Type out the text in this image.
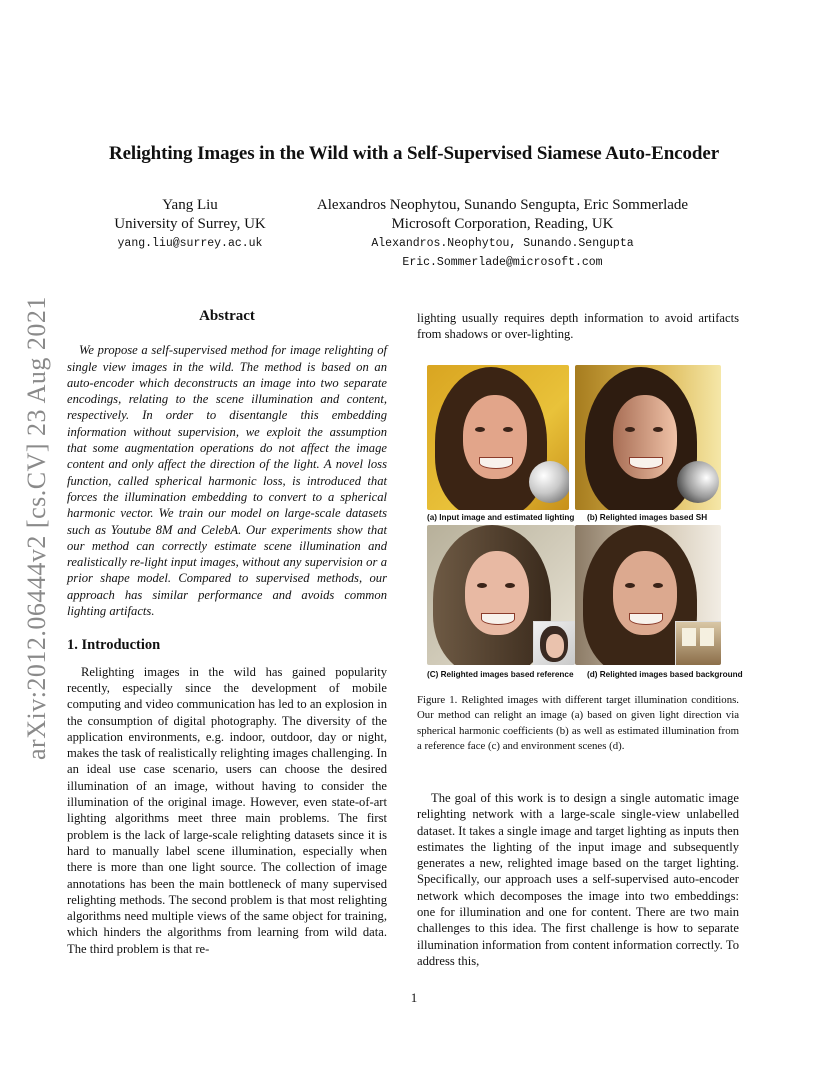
Relighting Images in the Wild with a Self-Supervised Siamese Auto-Encoder
Yang Liu
University of Surrey, UK
yang.liu@surrey.ac.uk
Alexandros Neophytou, Sunando Sengupta, Eric Sommerlade
Microsoft Corporation, Reading, UK
Alexandros.Neophytou, Sunando.Sengupta
Eric.Sommerlade@microsoft.com
arXiv:2012.06444v2 [cs.CV] 23 Aug 2021	Abstract

We propose a self-supervised method for image relighting of single view images in the wild. The method is based on an auto-encoder which deconstructs an image into two separate encodings, relating to the scene illumination and content, respectively. In order to disentangle this embedding information without supervision, we exploit the assumption that some augmentation operations do not affect the image content and only affect the direction of the light. A novel loss function, called spherical harmonic loss, is introduced that forces the illumination embedding to convert to a spherical harmonic vector. We train our model on large-scale datasets such as Youtube 8M and CelebA. Our experiments show that our method can correctly estimate scene illumination and realistically re-light input images, without any supervision or a prior shape model. Compared to supervised methods, our approach has similar performance and avoids common lighting artifacts.

1. Introduction

Relighting images in the wild has gained popularity recently, especially since the development of mobile computing and video communication has led to an explosion in the consumption of digital photography. The diversity of the application environments, e.g. indoor, outdoor, day or night, makes the task of realistically relighting images challenging. In an ideal use case scenario, users can choose the desired illumination of an image, without having to consider the illumination of the original image. However, even state-of-art lighting algorithms meet three main problems. The first problem is the lack of large-scale relighting datasets since it is hard to manually label scene illumination, especially when there is more than one light source. The collection of image annotations has been the main bottleneck of many supervised relighting methods. The second problem is that most relighting algorithms need multiple views of the same object for training, which hinders the algorithms from learning from wild data. The third problem is that re-

lighting usually requires depth information to avoid artifacts from shadows or over-lighting.

(a) Input image and estimated lighting (b) Relighted images based SH
(C) Relighted images based reference (d) Relighted images based background
Figure 1. Relighted images with different target illumination conditions. Our method can relight an image (a) based on given light direction via spherical harmonic coefficients (b) as well as estimated illumination from a reference face (c) and environment scenes (d).

The goal of this work is to design a single automatic image relighting network with a large-scale single-view unlabelled dataset. It takes a single image and target lighting as inputs then estimates the lighting of the input image and subsequently generates a new, relighted image based on the target lighting. Specifically, our approach uses a self-supervised auto-encoder network which decomposes the image into two embeddings: one for illumination and one for content. There are two main challenges to this idea. The first challenge is how to separate illumination information from content information correctly. To address this,

1
